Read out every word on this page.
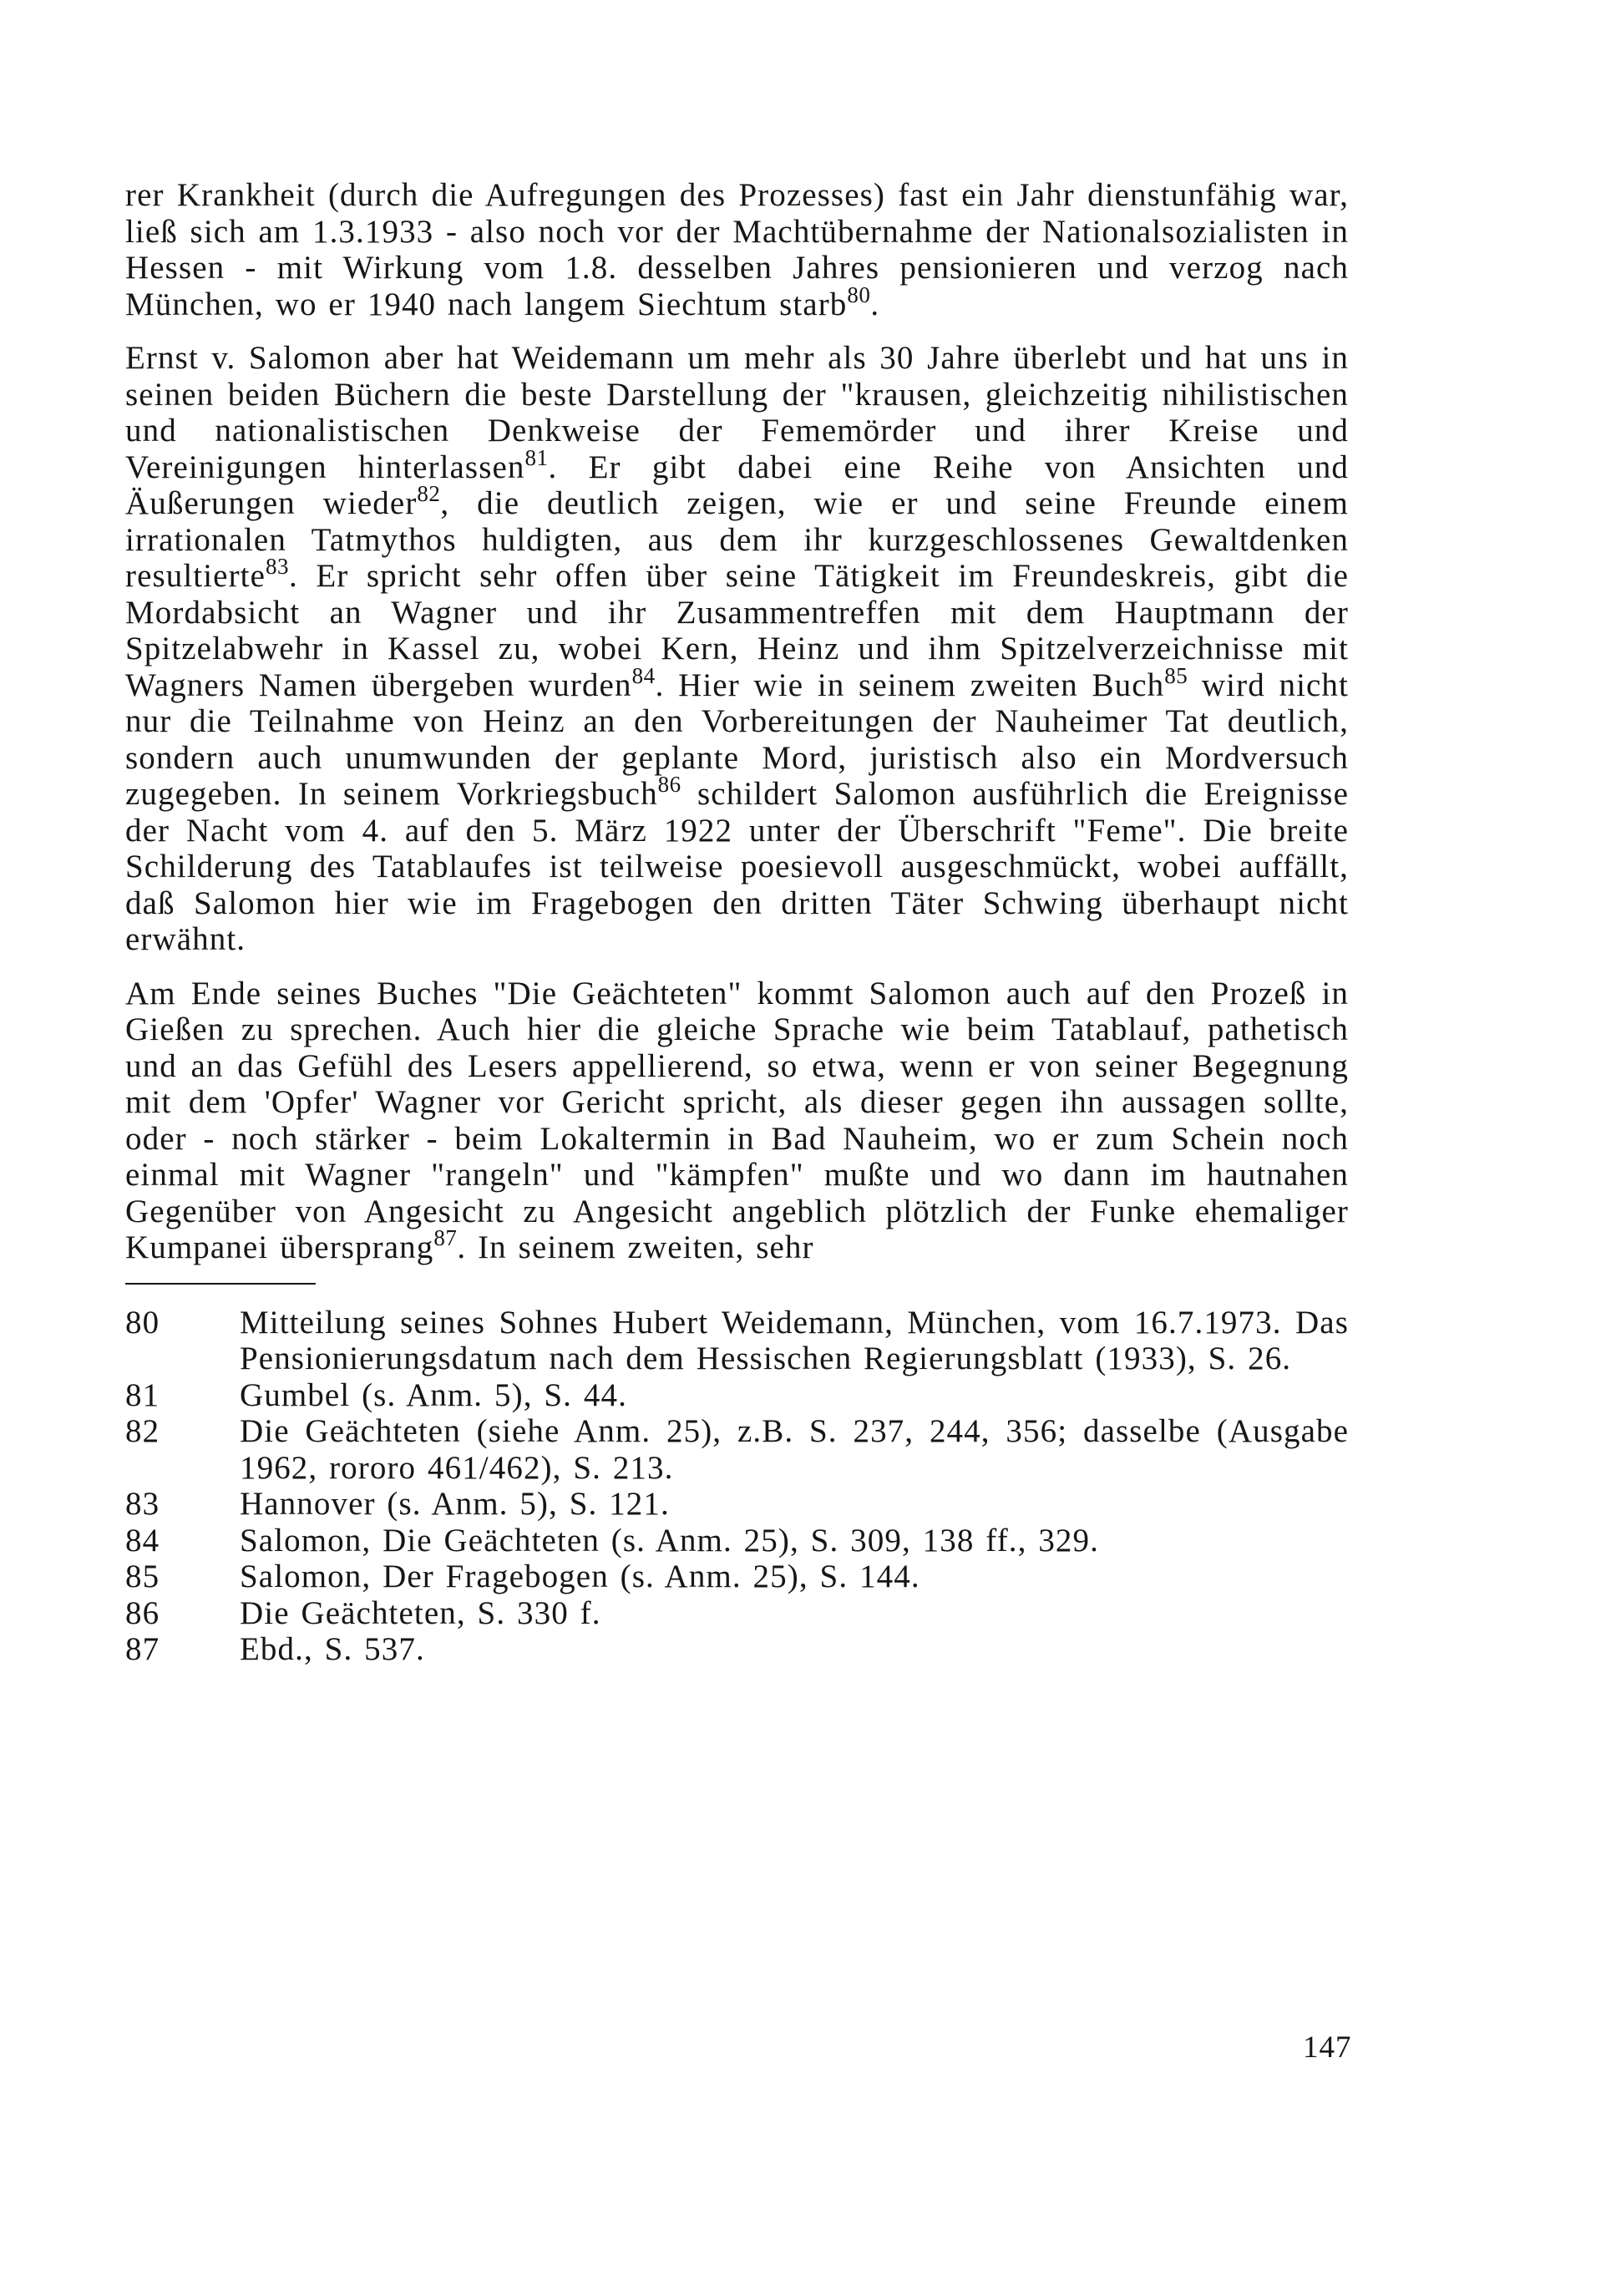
rer Krankheit (durch die Aufregungen des Prozesses) fast ein Jahr dienstunfähig war, ließ sich am 1.3.1933 - also noch vor der Machtübernahme der Nationalsozialisten in Hessen - mit Wirkung vom 1.8. desselben Jahres pensionieren und verzog nach München, wo er 1940 nach langem Siechtum starb$^{80}$.

Ernst v. Salomon aber hat Weidemann um mehr als 30 Jahre überlebt und hat uns in seinen beiden Büchern die beste Darstellung der "krausen, gleichzeitig nihilistischen und nationalistischen Denkweise der Fememörder und ihrer Kreise und Vereinigungen hinterlassen$^{81}$. Er gibt dabei eine Reihe von Ansichten und Äußerungen wieder$^{82}$, die deutlich zeigen, wie er und seine Freunde einem irrationalen Tatmythos huldigten, aus dem ihr kurzgeschlossenes Gewaltdenken resultierte$^{83}$. Er spricht sehr offen über seine Tätigkeit im Freundeskreis, gibt die Mordabsicht an Wagner und ihr Zusammentreffen mit dem Hauptmann der Spitzelabwehr in Kassel zu, wobei Kern, Heinz und ihm Spitzelverzeichnisse mit Wagners Namen übergeben wurden$^{84}$. Hier wie in seinem zweiten Buch$^{85}$ wird nicht nur die Teilnahme von Heinz an den Vorbereitungen der Nauheimer Tat deutlich, sondern auch unumwunden der geplante Mord, juristisch also ein Mordversuch zugegeben. In seinem Vorkriegsbuch$^{86}$ schildert Salomon ausführlich die Ereignisse der Nacht vom 4. auf den 5. März 1922 unter der Überschrift "Feme". Die breite Schilderung des Tatablaufes ist teilweise poesievoll ausgeschmückt, wobei auffällt, daß Salomon hier wie im Fragebogen den dritten Täter Schwing überhaupt nicht erwähnt.

Am Ende seines Buches "Die Geächteten" kommt Salomon auch auf den Prozeß in Gießen zu sprechen. Auch hier die gleiche Sprache wie beim Tatablauf, pathetisch und an das Gefühl des Lesers appellierend, so etwa, wenn er von seiner Begegnung mit dem 'Opfer' Wagner vor Gericht spricht, als dieser gegen ihn aussagen sollte, oder - noch stärker - beim Lokaltermin in Bad Nauheim, wo er zum Schein noch einmal mit Wagner "rangeln" und "kämpfen" mußte und wo dann im hautnahen Gegenüber von Angesicht zu Angesicht angeblich plötzlich der Funke ehemaliger Kumpanei übersprang$^{87}$. In seinem zweiten, sehr

80	Mitteilung seines Sohnes Hubert Weidemann, München, vom 16.7.1973. Das Pensionierungsdatum nach dem Hessischen Regierungsblatt (1933), S. 26.
81	Gumbel (s. Anm. 5), S. 44.
82	Die Geächteten (siehe Anm. 25), z.B. S. 237, 244, 356; dasselbe (Ausgabe 1962, rororo 461/462), S. 213.
83	Hannover (s. Anm. 5), S. 121.
84	Salomon, Die Geächteten (s. Anm. 25), S. 309, 138 ff., 329.
85	Salomon, Der Fragebogen (s. Anm. 25), S. 144.
86	Die Geächteten, S. 330 f.
87	Ebd., S. 537.
147
